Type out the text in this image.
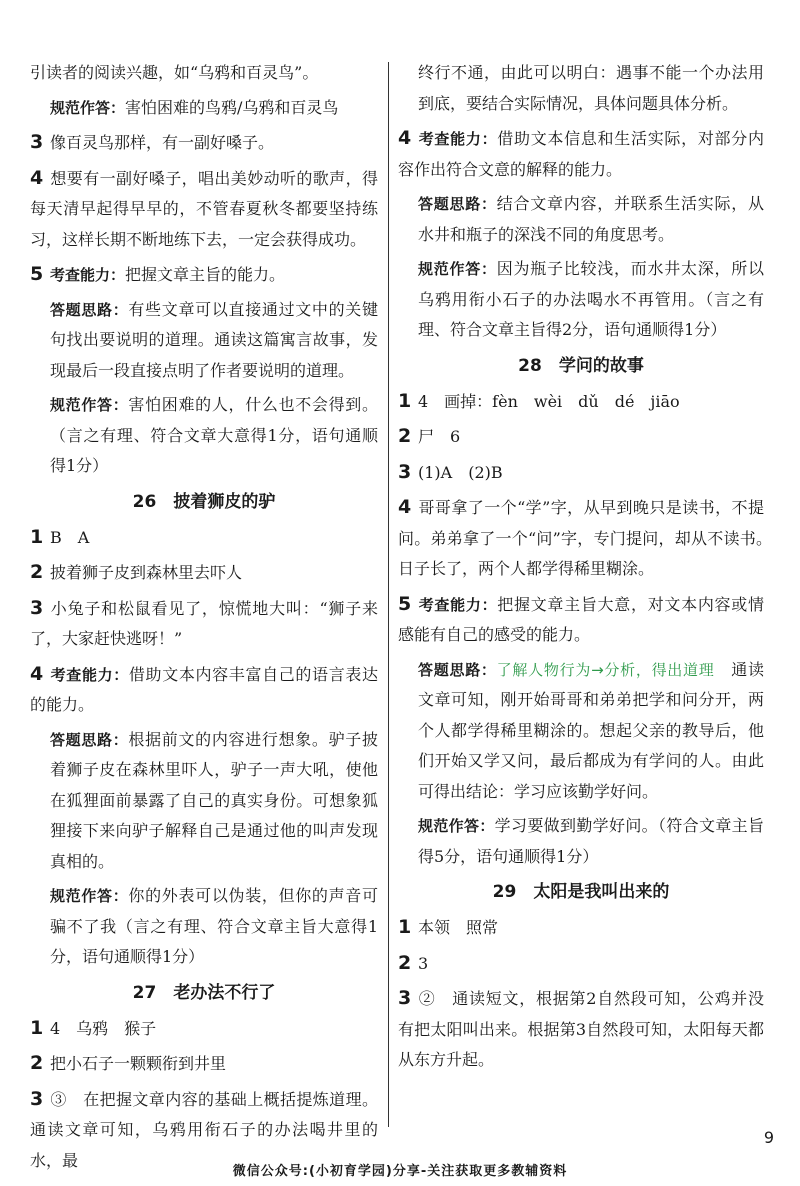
引读者的阅读兴趣，如“乌鸦和百灵鸟”。

规范作答：害怕困难的鸟鸦/乌鸦和百灵鸟

3 像百灵鸟那样，有一副好嗓子。

4 想要有一副好嗓子，唱出美妙动听的歌声，得每天清早起得早早的，不管春夏秋冬都要坚持练习，这样长期不断地练下去，一定会获得成功。

5 考查能力：把握文章主旨的能力。

答题思路：有些文章可以直接通过文中的关键句找出要说明的道理。通读这篇寓言故事，发现最后一段直接点明了作者要说明的道理。

规范作答：害怕困难的人，什么也不会得到。（言之有理、符合文章大意得1分，语句通顺得1分）

26　披着狮皮的驴

1 B　A

2 披着狮子皮到森林里去吓人

3 小兔子和松鼠看见了，惊慌地大叫：“狮子来了，大家赶快逃呀！”

4 考查能力：借助文本内容丰富自己的语言表达的能力。

答题思路：根据前文的内容进行想象。驴子披着狮子皮在森林里吓人，驴子一声大吼，使他在狐狸面前暴露了自己的真实身份。可想象狐狸接下来向驴子解释自己是通过他的叫声发现真相的。

规范作答：你的外表可以伪装，但你的声音可骗不了我（言之有理、符合文章主旨大意得1分，语句通顺得1分）

27　老办法不行了

1 4　乌鸦　猴子

2 把小石子一颗颗衔到井里

3 ③　在把握文章内容的基础上概括提炼道理。通读文章可知，乌鸦用衔石子的办法喝井里的水，最

终行不通，由此可以明白：遇事不能一个办法用到底，要结合实际情况，具体问题具体分析。

4 考查能力：借助文本信息和生活实际，对部分内容作出符合文意的解释的能力。

答题思路：结合文章内容，并联系生活实际，从水井和瓶子的深浅不同的角度思考。

规范作答：因为瓶子比较浅，而水井太深，所以乌鸦用衔小石子的办法喝水不再管用。（言之有理、符合文章主旨得2分，语句通顺得1分）

28　学问的故事

1 4　画掉：fèn　wèi　dǔ　dé　jiāo

2 尸　6

3 (1)A　(2)B

4 哥哥拿了一个“学”字，从早到晚只是读书，不提问。弟弟拿了一个“问”字，专门提问，却从不读书。　日子长了，两个人都学得稀里糊涂。

5 考查能力：把握文章主旨大意，对文本内容或情感能有自己的感受的能力。

答题思路：了解人物行为→分析，得出道理　通读文章可知，刚开始哥哥和弟弟把学和问分开，两个人都学得稀里糊涂的。想起父亲的教导后，他们开始又学又问，最后都成为有学问的人。由此可得出结论：学习应该勤学好问。

规范作答：学习要做到勤学好问。（符合文章主旨得5分，语句通顺得1分）

29　太阳是我叫出来的

1 本领　照常

2 3

3 ②　通读短文，根据第2自然段可知，公鸡并没有把太阳叫出来。根据第3自然段可知，太阳每天都从东方升起。

9
微信公众号:(小初育学园)分享-关注获取更多教辅资料
